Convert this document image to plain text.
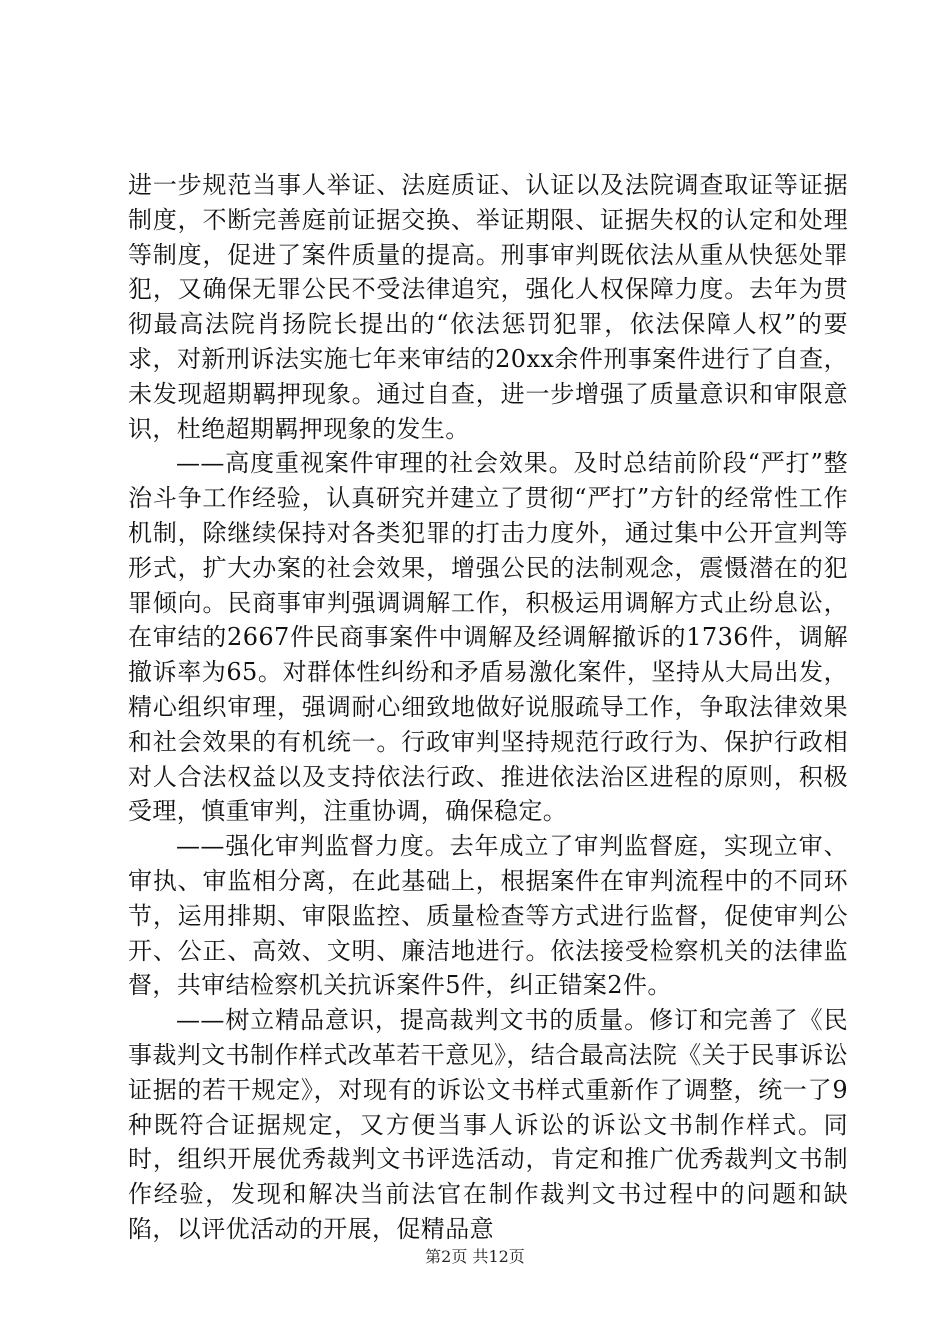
进一步规范当事人举证、法庭质证、认证以及法院调查取证等证据制度，不断完善庭前证据交换、举证期限、证据失权的认定和处理等制度，促进了案件质量的提高。刑事审判既依法从重从快惩处罪犯，又确保无罪公民不受法律追究，强化人权保障力度。去年为贯彻最高法院肖扬院长提出的“依法惩罚犯罪，依法保障人权”的要求，对新刑诉法实施七年来审结的20xx余件刑事案件进行了自查，未发现超期羁押现象。通过自查，进一步增强了质量意识和审限意识，杜绝超期羁押现象的发生。

——高度重视案件审理的社会效果。及时总结前阶段“严打”整治斗争工作经验，认真研究并建立了贯彻“严打”方针的经常性工作机制，除继续保持对各类犯罪的打击力度外，通过集中公开宣判等形式，扩大办案的社会效果，增强公民的法制观念，震慑潜在的犯罪倾向。民商事审判强调调解工作，积极运用调解方式止纷息讼，在审结的2667件民商事案件中调解及经调解撤诉的1736件，调解撤诉率为65。对群体性纠纷和矛盾易激化案件，坚持从大局出发，精心组织审理，强调耐心细致地做好说服疏导工作，争取法律效果和社会效果的有机统一。行政审判坚持规范行政行为、保护行政相对人合法权益以及支持依法行政、推进依法治区进程的原则，积极受理，慎重审判，注重协调，确保稳定。

——强化审判监督力度。去年成立了审判监督庭，实现立审、审执、审监相分离，在此基础上，根据案件在审判流程中的不同环节，运用排期、审限监控、质量检查等方式进行监督，促使审判公开、公正、高效、文明、廉洁地进行。依法接受检察机关的法律监督，共审结检察机关抗诉案件5件，纠正错案2件。

——树立精品意识，提高裁判文书的质量。修订和完善了《民事裁判文书制作样式改革若干意见》，结合最高法院《关于民事诉讼证据的若干规定》，对现有的诉讼文书样式重新作了调整，统一了9种既符合证据规定，又方便当事人诉讼的诉讼文书制作样式。同时，组织开展优秀裁判文书评选活动，肯定和推广优秀裁判文书制作经验，发现和解决当前法官在制作裁判文书过程中的问题和缺陷，以评优活动的开展，促精品意

第2页 共12页
